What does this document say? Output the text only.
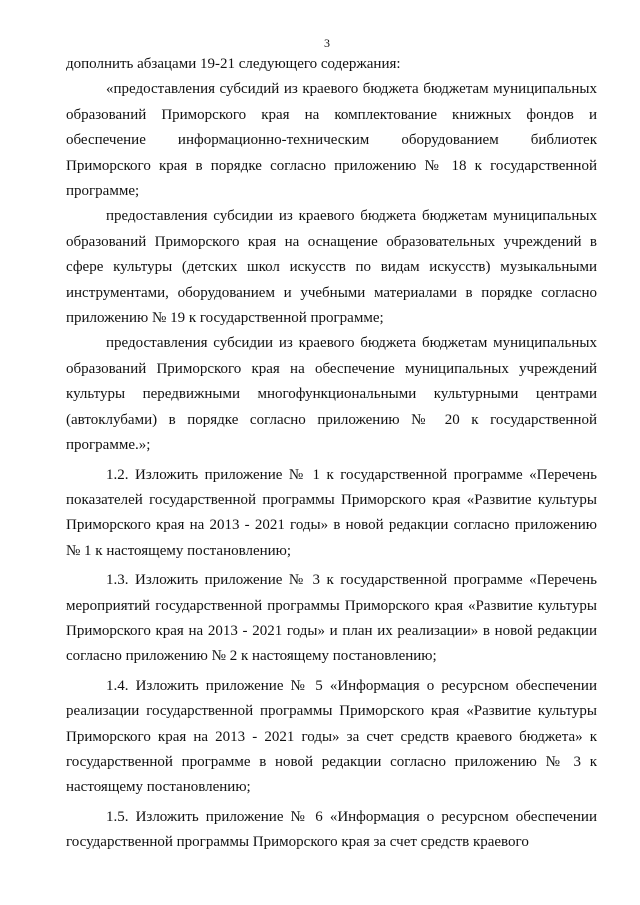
3

дополнить абзацами 19-21 следующего содержания:

«предоставления субсидий из краевого бюджета бюджетам муниципальных образований Приморского края на комплектование книжных фондов и обеспечение информационно-техническим оборудованием библиотек Приморского края в порядке согласно приложению № 18 к государственной программе;

предоставления субсидии из краевого бюджета бюджетам муниципальных образований Приморского края на оснащение образовательных учреждений в сфере культуры (детских школ искусств по видам искусств) музыкальными инструментами, оборудованием и учебными материалами в порядке согласно приложению № 19 к государственной программе;

предоставления субсидии из краевого бюджета бюджетам муниципальных образований Приморского края на обеспечение муниципальных учреждений культуры передвижными многофункциональными культурными центрами (автоклубами) в порядке согласно приложению № 20 к государственной программе.»;

1.2. Изложить приложение № 1 к государственной программе «Перечень показателей государственной программы Приморского края «Развитие культуры Приморского края на 2013 - 2021 годы» в новой редакции согласно приложению № 1 к настоящему постановлению;

1.3. Изложить приложение № 3 к государственной программе «Перечень мероприятий государственной программы Приморского края «Развитие культуры Приморского края на 2013 - 2021 годы» и план их реализации» в новой редакции согласно приложению № 2 к настоящему постановлению;

1.4. Изложить приложение № 5 «Информация о ресурсном обеспечении реализации государственной программы Приморского края «Развитие культуры Приморского края на 2013 - 2021 годы» за счет средств краевого бюджета» к государственной программе в новой редакции согласно приложению № 3 к настоящему постановлению;

1.5. Изложить приложение № 6 «Информация о ресурсном обеспечении государственной программы Приморского края за счет средств краевого
